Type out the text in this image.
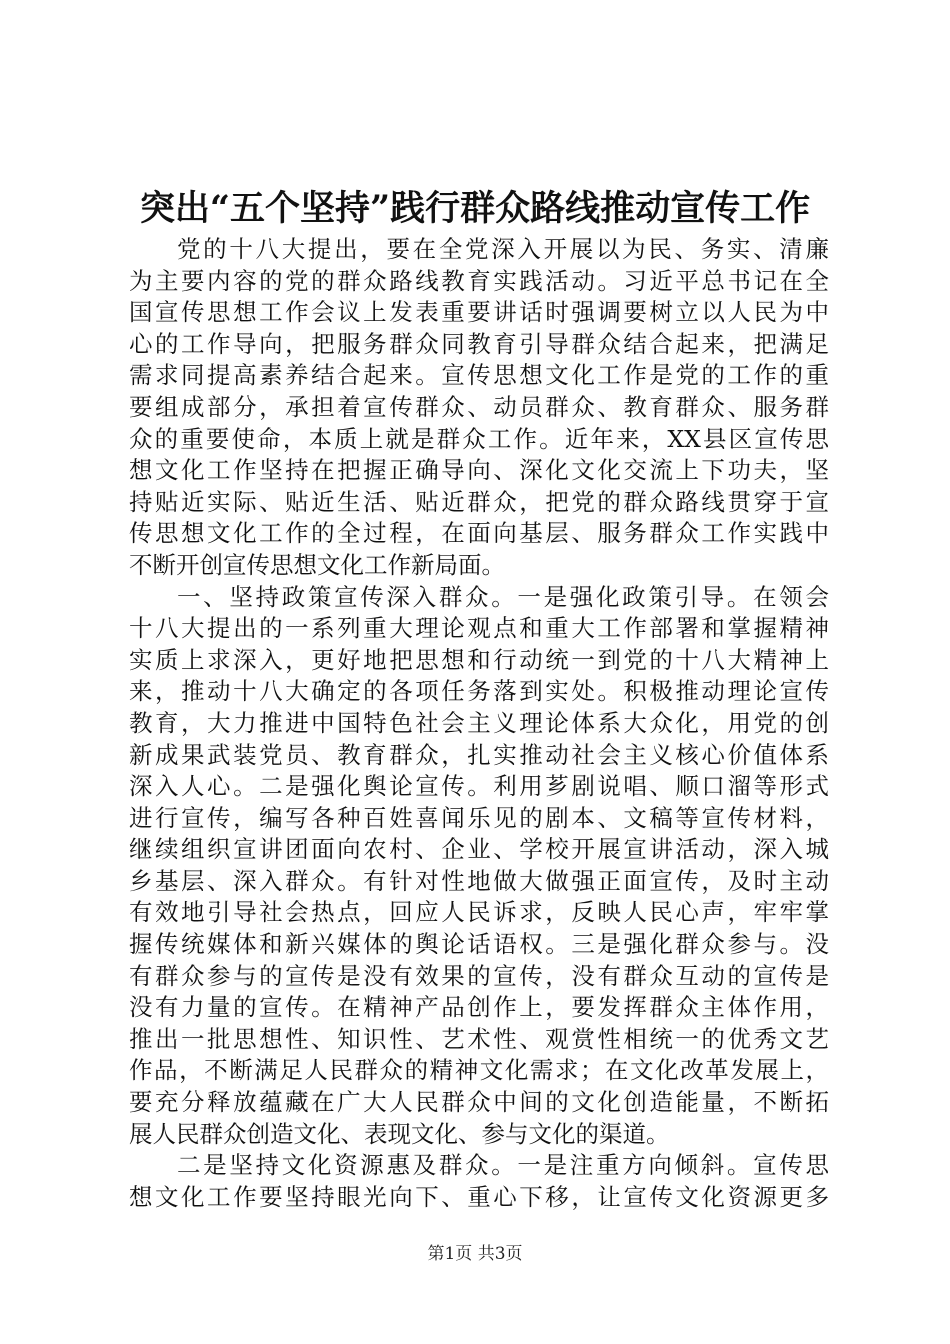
突出“五个坚持”践行群众路线推动宣传工作
党的十八大提出，要在全党深入开展以为民、务实、清廉
为主要内容的党的群众路线教育实践活动。习近平总书记在全
国宣传思想工作会议上发表重要讲话时强调要树立以人民为中
心的工作导向，把服务群众同教育引导群众结合起来，把满足
需求同提高素养结合起来。宣传思想文化工作是党的工作的重
要组成部分，承担着宣传群众、动员群众、教育群众、服务群
众的重要使命，本质上就是群众工作。近年来，XX县区宣传思
想文化工作坚持在把握正确导向、深化文化交流上下功夫，坚
持贴近实际、贴近生活、贴近群众，把党的群众路线贯穿于宣
传思想文化工作的全过程，在面向基层、服务群众工作实践中
不断开创宣传思想文化工作新局面。
一、坚持政策宣传深入群众。一是强化政策引导。在领会
十八大提出的一系列重大理论观点和重大工作部署和掌握精神
实质上求深入，更好地把思想和行动统一到党的十八大精神上
来，推动十八大确定的各项任务落到实处。积极推动理论宣传
教育，大力推进中国特色社会主义理论体系大众化，用党的创
新成果武装党员、教育群众，扎实推动社会主义核心价值体系
深入人心。二是强化舆论宣传。利用芗剧说唱、顺口溜等形式
进行宣传，编写各种百姓喜闻乐见的剧本、文稿等宣传材料，
继续组织宣讲团面向农村、企业、学校开展宣讲活动，深入城
乡基层、深入群众。有针对性地做大做强正面宣传，及时主动
有效地引导社会热点，回应人民诉求，反映人民心声，牢牢掌
握传统媒体和新兴媒体的舆论话语权。三是强化群众参与。没
有群众参与的宣传是没有效果的宣传，没有群众互动的宣传是
没有力量的宣传。在精神产品创作上，要发挥群众主体作用，
推出一批思想性、知识性、艺术性、观赏性相统一的优秀文艺
作品，不断满足人民群众的精神文化需求；在文化改革发展上，
要充分释放蕴藏在广大人民群众中间的文化创造能量，不断拓
展人民群众创造文化、表现文化、参与文化的渠道。
二是坚持文化资源惠及群众。一是注重方向倾斜。宣传思
想文化工作要坚持眼光向下、重心下移，让宣传文化资源更多
第1页 共3页
